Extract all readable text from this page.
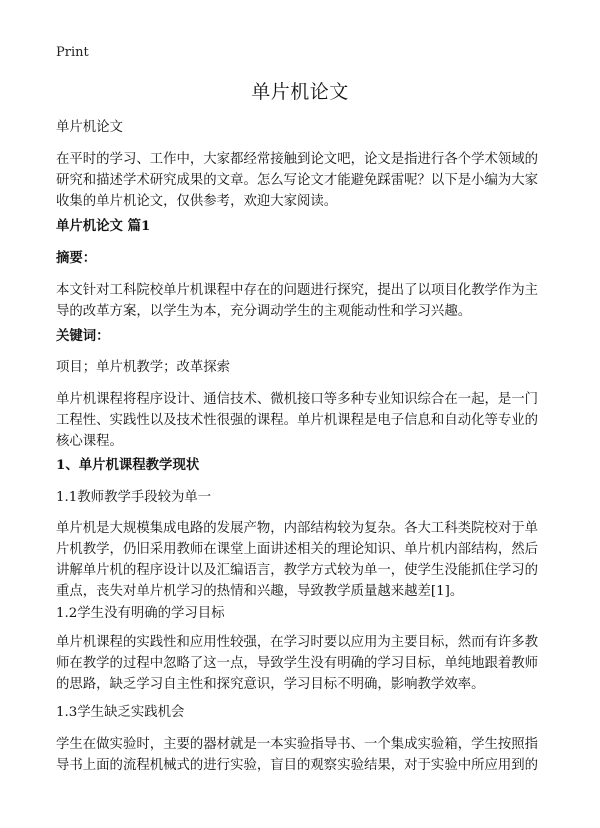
Print
单片机论文

单片机论文

在平时的学习、工作中，大家都经常接触到论文吧，论文是指进行各个学术领域的研究和描述学术研究成果的文章。怎么写论文才能避免踩雷呢？以下是小编为大家收集的单片机论文，仅供参考，欢迎大家阅读。

单片机论文 篇1

摘要：

本文针对工科院校单片机课程中存在的问题进行探究，提出了以项目化教学作为主导的改革方案，以学生为本，充分调动学生的主观能动性和学习兴趣。

关键词：

项目；单片机教学；改革探索

单片机课程将程序设计、通信技术、微机接口等多种专业知识综合在一起，是一门工程性、实践性以及技术性很强的课程。单片机课程是电子信息和自动化等专业的核心课程。

1、单片机课程教学现状

1.1教师教学手段较为单一

单片机是大规模集成电路的发展产物，内部结构较为复杂。各大工科类院校对于单片机教学，仍旧采用教师在课堂上面讲述相关的理论知识、单片机内部结构，然后讲解单片机的程序设计以及汇编语言，教学方式较为单一，使学生没能抓住学习的重点，丧失对单片机学习的热情和兴趣，导致教学质量越来越差[1]。

1.2学生没有明确的学习目标

单片机课程的实践性和应用性较强，在学习时要以应用为主要目标，然而有许多教师在教学的过程中忽略了这一点，导致学生没有明确的学习目标，单纯地跟着教师的思路，缺乏学习自主性和探究意识，学习目标不明确，影响教学效率。

1.3学生缺乏实践机会

学生在做实验时，主要的器材就是一本实验指导书、一个集成实验箱，学生按照指导书上面的流程机械式的进行实验，盲目的观察实验结果，对于实验中所应用到的
